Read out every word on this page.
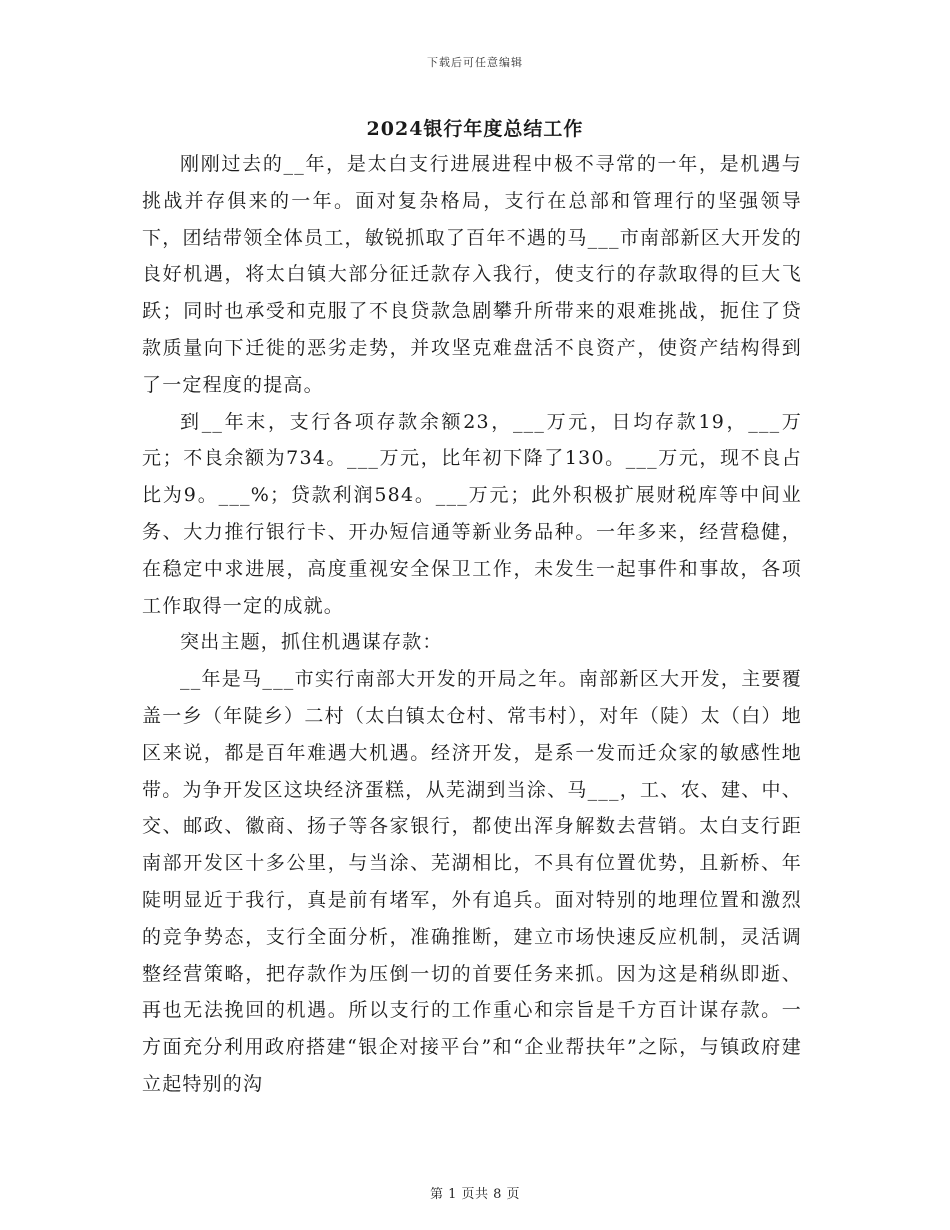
下载后可任意编辑
2024银行年度总结工作

刚刚过去的__年，是太白支行进展进程中极不寻常的一年，是机遇与挑战并存俱来的一年。面对复杂格局，支行在总部和管理行的坚强领导下，团结带领全体员工，敏锐抓取了百年不遇的马___市南部新区大开发的良好机遇，将太白镇大部分征迁款存入我行，使支行的存款取得的巨大飞跃；同时也承受和克服了不良贷款急剧攀升所带来的艰难挑战，扼住了贷款质量向下迁徙的恶劣走势，并攻坚克难盘活不良资产，使资产结构得到了一定程度的提高。

到__年末，支行各项存款余额23，___万元，日均存款19，___万元；不良余额为734。___万元，比年初下降了130。___万元，现不良占比为9。___%；贷款利润584。___万元；此外积极扩展财税库等中间业务、大力推行银行卡、开办短信通等新业务品种。一年多来，经营稳健，在稳定中求进展，高度重视安全保卫工作，未发生一起事件和事故，各项工作取得一定的成就。

突出主题，抓住机遇谋存款：

__年是马___市实行南部大开发的开局之年。南部新区大开发，主要覆盖一乡（年陡乡）二村（太白镇太仓村、常韦村），对年（陡）太（白）地区来说，都是百年难遇大机遇。经济开发，是系一发而迁众家的敏感性地带。为争开发区这块经济蛋糕，从芜湖到当涂、马___，工、农、建、中、交、邮政、徽商、扬子等各家银行，都使出浑身解数去营销。太白支行距南部开发区十多公里，与当涂、芜湖相比，不具有位置优势，且新桥、年陡明显近于我行，真是前有堵军，外有追兵。面对特别的地理位置和激烈的竞争势态，支行全面分析，准确推断，建立市场快速反应机制，灵活调整经营策略，把存款作为压倒一切的首要任务来抓。因为这是稍纵即逝、再也无法挽回的机遇。所以支行的工作重心和宗旨是千方百计谋存款。一方面充分利用政府搭建“银企对接平台”和“企业帮扶年”之际，与镇政府建立起特别的沟

第 1 页共 8 页
